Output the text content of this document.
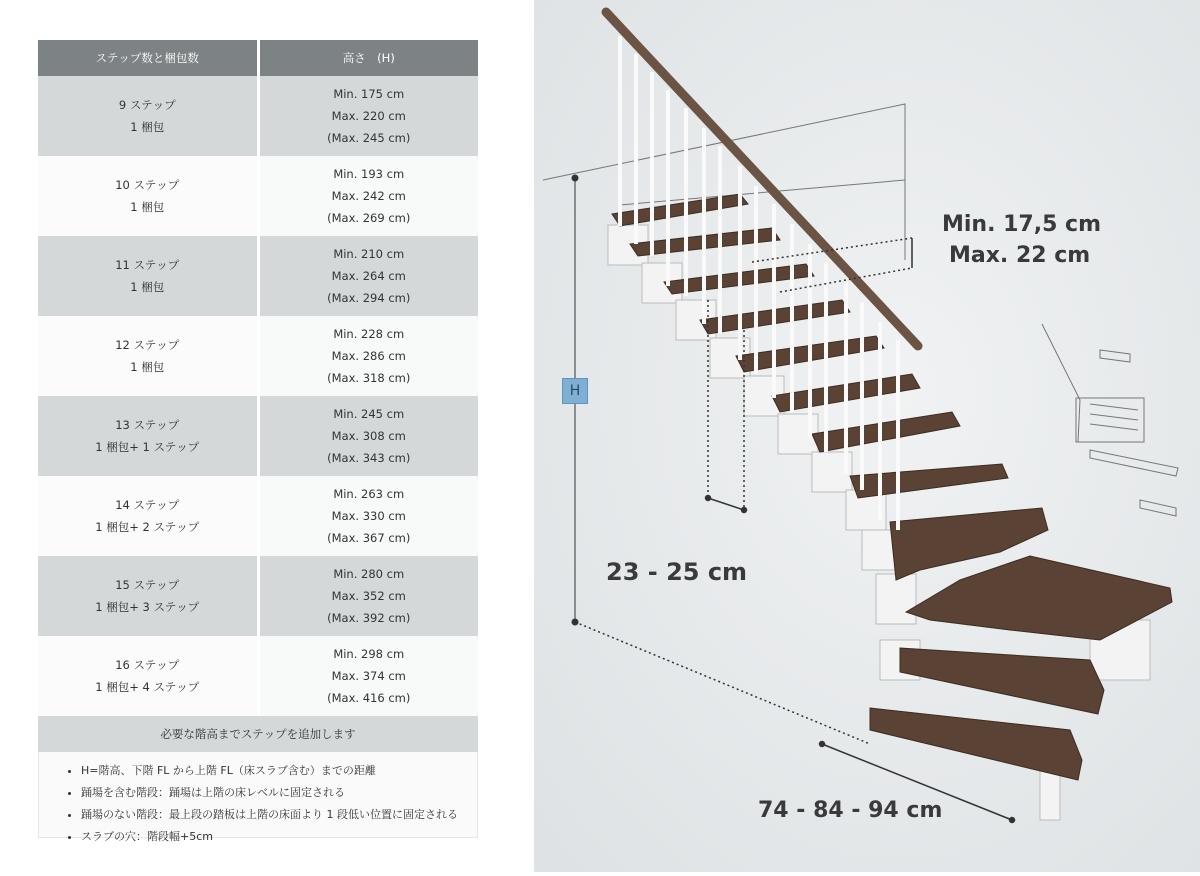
ステップ数と梱包数	高さ　(H)
9 ステップ
1 梱包	Min. 175 cm
Max. 220 cm
(Max. 245 cm)
10 ステップ
1 梱包	Min. 193 cm
Max. 242 cm
(Max. 269 cm)
11 ステップ
1 梱包	Min. 210 cm
Max. 264 cm
(Max. 294 cm)
12 ステップ
1 梱包	Min. 228 cm
Max. 286 cm
(Max. 318 cm)
13 ステップ
1 梱包+ 1 ステップ	Min. 245 cm
Max. 308 cm
(Max. 343 cm)
14 ステップ
1 梱包+ 2 ステップ	Min. 263 cm
Max. 330 cm
(Max. 367 cm)
15 ステップ
1 梱包+ 3 ステップ	Min. 280 cm
Max. 352 cm
(Max. 392 cm)
16 ステップ
1 梱包+ 4 ステップ	Min. 298 cm
Max. 374 cm
(Max. 416 cm)
必要な階高までステップを追加します
• H=階高、下階 FL から上階 FL（床スラブ含む）までの距離
• 踊場を含む階段：踊場は上階の床レベルに固定される
• 踊場のない階段：最上段の踏板は上階の床面より 1 段低い位置に固定される
• スラブの穴：階段幅+5cm
H
Min. 17,5 cm
Max. 22 cm
23 - 25 cm
74 - 84 - 94 cm
